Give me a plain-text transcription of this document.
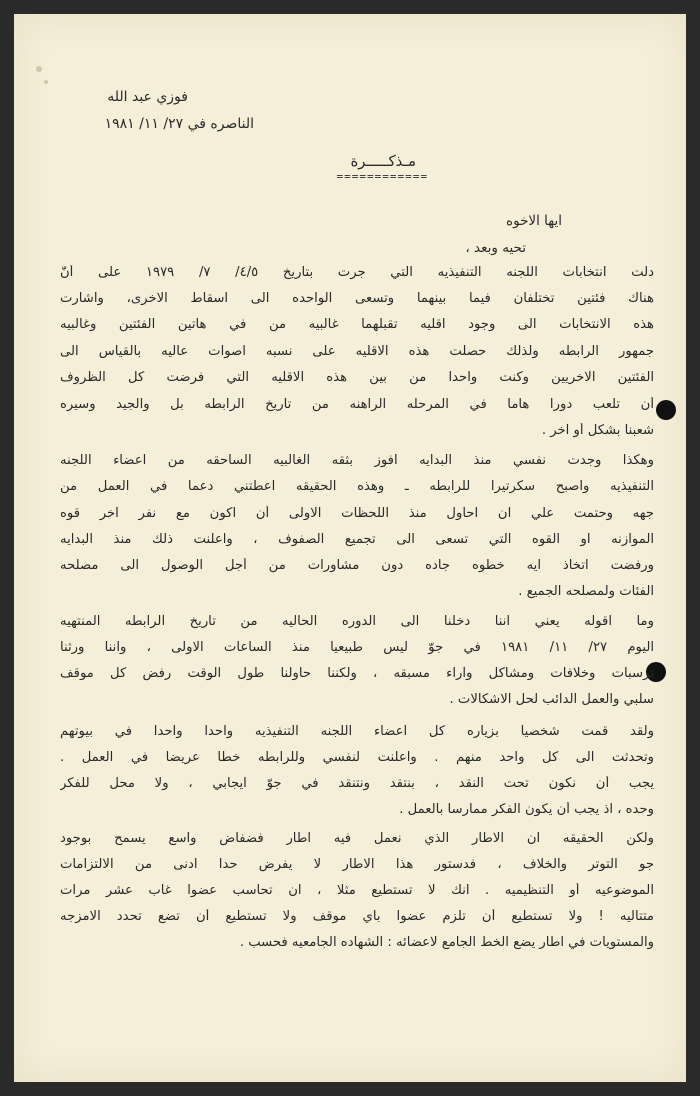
فوزي عبد الله
الناصره في ٢٧/ ١١/ ١٩٨١
مـذكـــــرة
============
ايها الاخوه
تحيه وبعد ،
دلت انتخابات اللجنه التنفيذيه التي جرت بتاريخ ٤/٥/ ٧/ ١٩٧٩ على أنّ
هناك فئتين تختلفان فيما بينهما وتسعى الواحده الى اسقاط الاخرى، واشارت
هذه الانتخابات الى وجود اقليه تقبلهما غالبيه من في هاتين الفئتين وغالبيه
جمهور الرابطه ولذلك حصلت هذه الاقليه على نسبه اصوات عاليه بالقياس الى
الفئتين الاخريين وكنت واحدا من بين هذه الاقليه التي فرضت كل الظروف
أن تلعب دورا هاما في المرحله الراهنه من تاريخ الرابطه بل والجيد وسيره
شعبنا بشكل أو آخر .
وهكذا وجدت نفسي منذ البدايه افوز بثقه الغالبيه الساحقه من اعضاء اللجنه
التنفيذيه واصبح سكرتيرا للرابطه ـ وهذه الحقيقه اعطتني دعما في العمل من
جهه وحتمت علي ان احاول منذ اللحظات الاولى أن اكون مع نفر آخر قوه
الموازنه او القوه التي تسعى الى تجميع الصفوف ، واعلنت ذلك منذ البدايه
ورفضت اتخاذ ايه خطوه جاده دون مشاورات من أجل الوصول الى مصلحه
الفئات ولمصلحه الجميع .
وما اقوله يعني اننا دخلنا الى الدوره الحاليه من تاريخ الرابطه المنتهيه
اليوم ٢٧/ ١١/ ١٩٨١ في جوّ ليس طبيعيا منذ الساعات الاولى ، واننا ورثنا
ترسبات وخلافات ومشاكل وآراء مسبقه ، ولكننا حاولنا طول الوقت رفض كل موقف
سلبي والعمل الدائب لحل الاشكالات .
ولقد قمت شخصيا بزياره كل اعضاء اللجنه التنفيذيه واحدا واحدا في بيوتهم
وتحدثت الى كل واحد منهم . واعلنت لنفسي وللرابطه خطا عريضا في العمل .
يجب أن نكون تحت النقد ، بنتقد ونتنقد في جوّ ايجابي ، ولا محل للفكر
وحده ، اذ يجب أن يكون الفكر ممارسا بالعمل .
ولكن الحقيقه ان الاطار الذي نعمل فيه اطار فضفاض واسع يسمح بوجود
جو التوتر والخلاف ، فدستور هذا الاطار لا يفرض حدا ادنى من الالتزامات
الموضوعيه أو التنظيميه . انك لا تستطيع مثلا ، ان تحاسب عضوا غاب عشر مرات
متتاليه ! ولا تستطيع أن تلزم عضوا بأي موقف ولا تستطيع أن تضع تحدد الامزجه
والمستويات في اطار يضع الخط الجامع لاعضائه : الشهاده الجامعيه فحسب .
